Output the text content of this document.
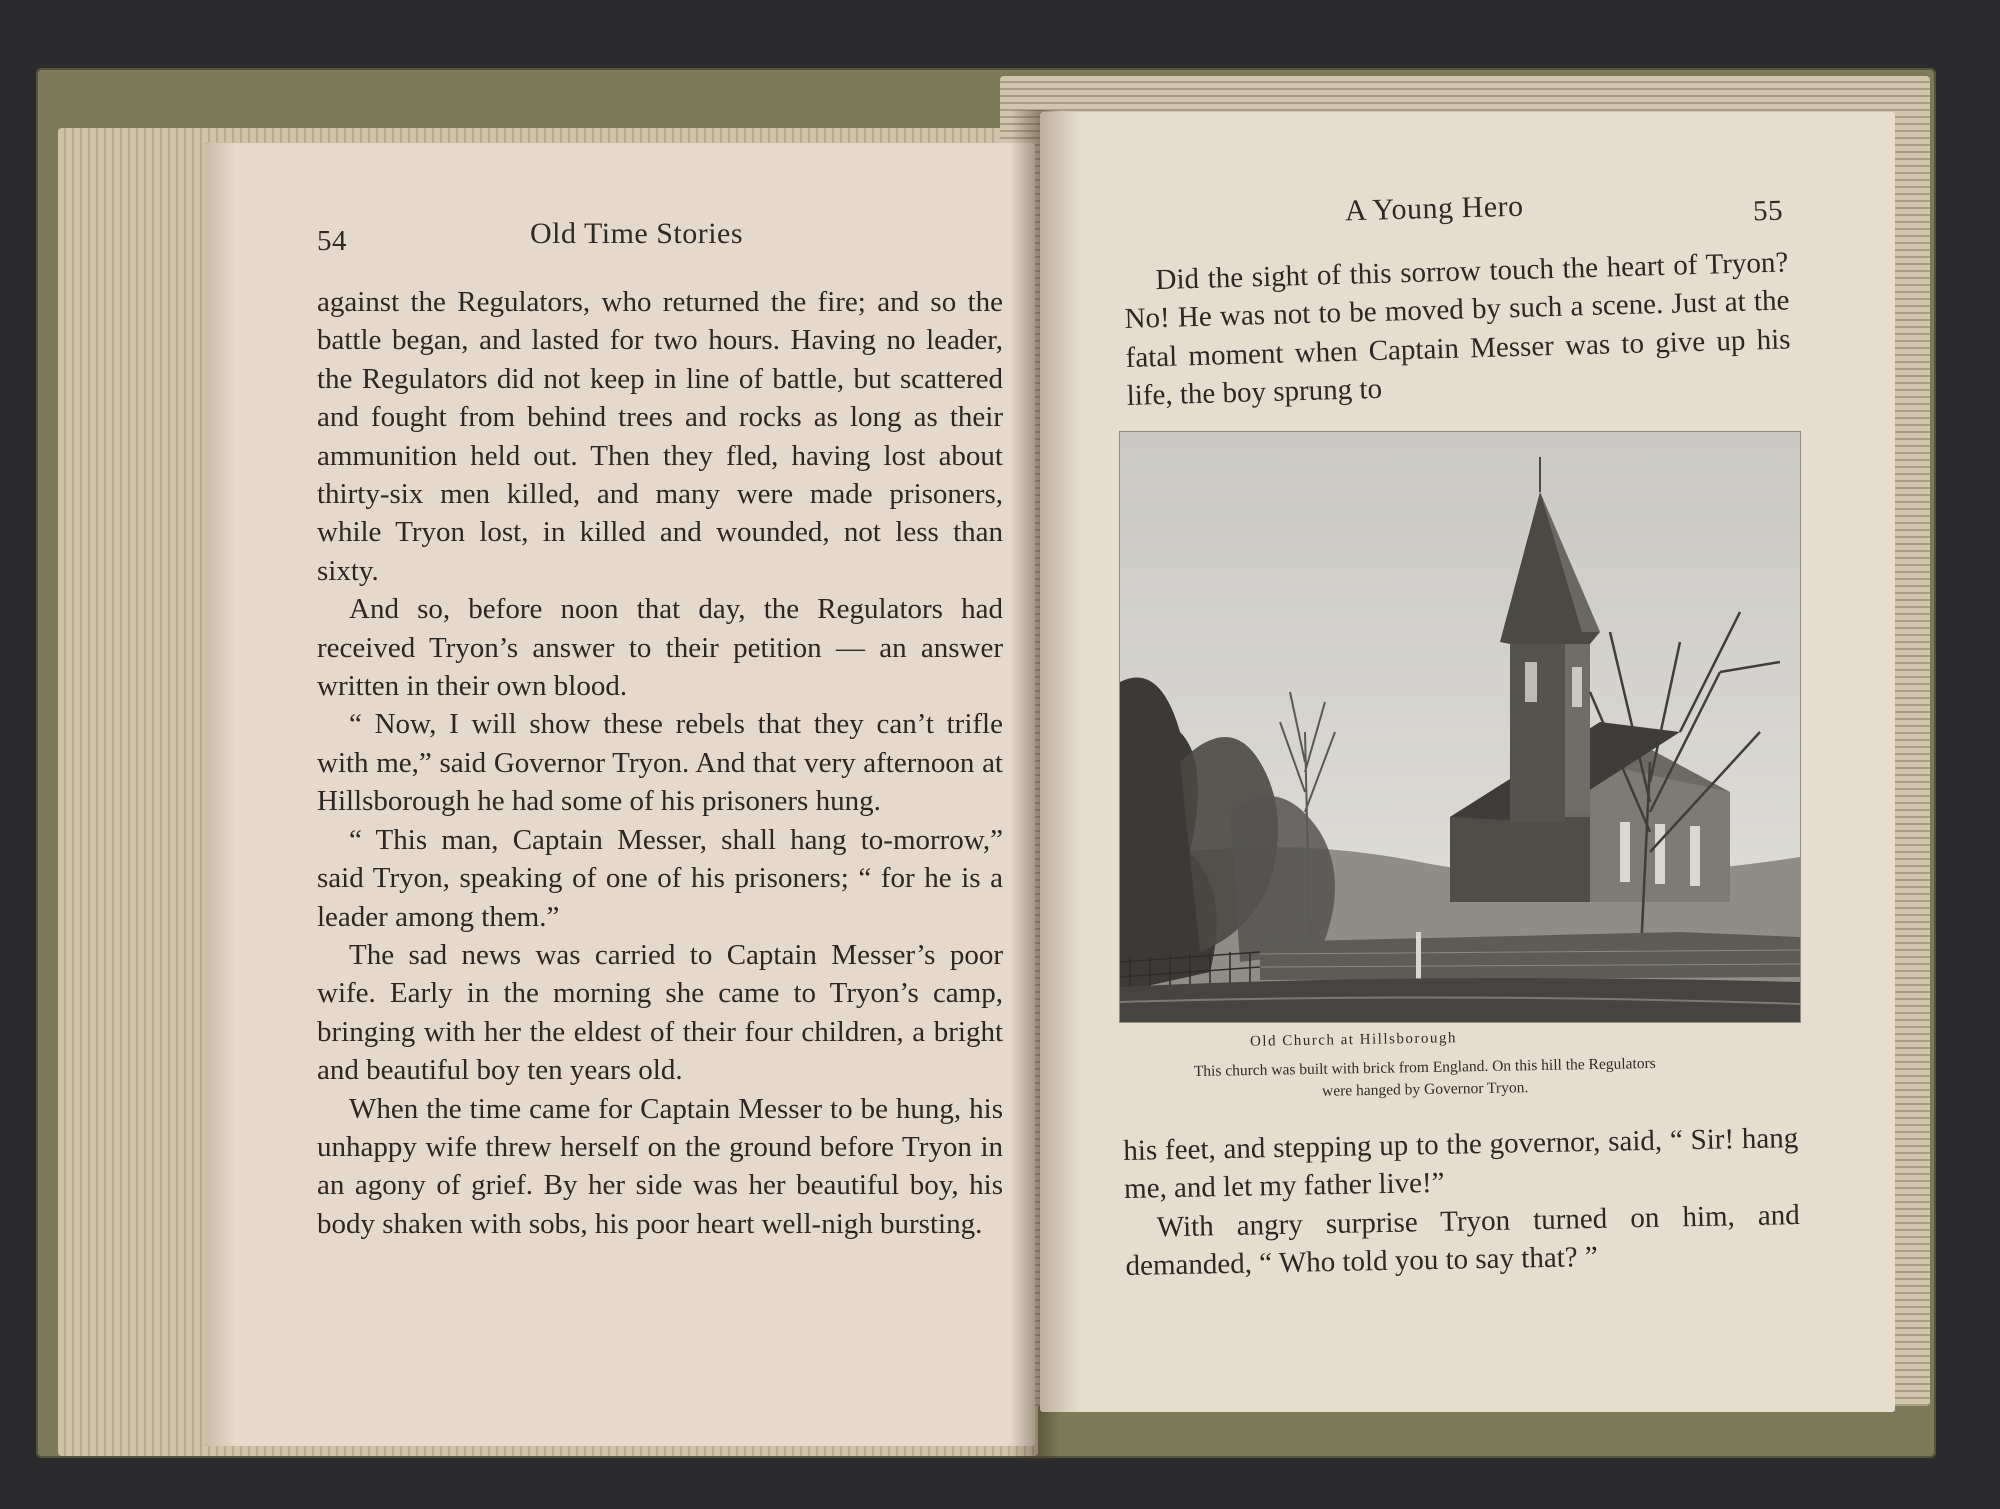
54	Old Time Stories

against the Regulators, who returned the fire; and so the battle began, and lasted for two hours. Having no leader, the Regulators did not keep in line of battle, but scattered and fought from behind trees and rocks as long as their ammunition held out. Then they fled, having lost about thirty-six men killed, and many were made prisoners, while Tryon lost, in killed and wounded, not less than sixty.

And so, before noon that day, the Regulators had received Tryon’s answer to their petition — an answer written in their own blood.

“ Now, I will show these rebels that they can’t trifle with me,” said Governor Tryon. And that very afternoon at Hillsborough he had some of his prisoners hung.

“ This man, Captain Messer, shall hang to-morrow,” said Tryon, speaking of one of his prisoners; “ for he is a leader among them.”

The sad news was carried to Captain Messer’s poor wife. Early in the morning she came to Tryon’s camp, bringing with her the eldest of their four children, a bright and beautiful boy ten years old.

When the time came for Captain Messer to be hung, his unhappy wife threw herself on the ground before Tryon in an agony of grief. By her side was her beautiful boy, his body shaken with sobs, his poor heart well-nigh bursting.

A Young Hero	55

Did the sight of this sorrow touch the heart of Tryon? No! He was not to be moved by such a scene. Just at the fatal moment when Captain Messer was to give up his life, the boy sprung to

Old Church at Hillsborough
This church was built with brick from England. On this hill the Regulators were hanged by Governor Tryon.

his feet, and stepping up to the governor, said, “ Sir! hang me, and let my father live!”

With angry surprise Tryon turned on him, and demanded, “ Who told you to say that? ”
